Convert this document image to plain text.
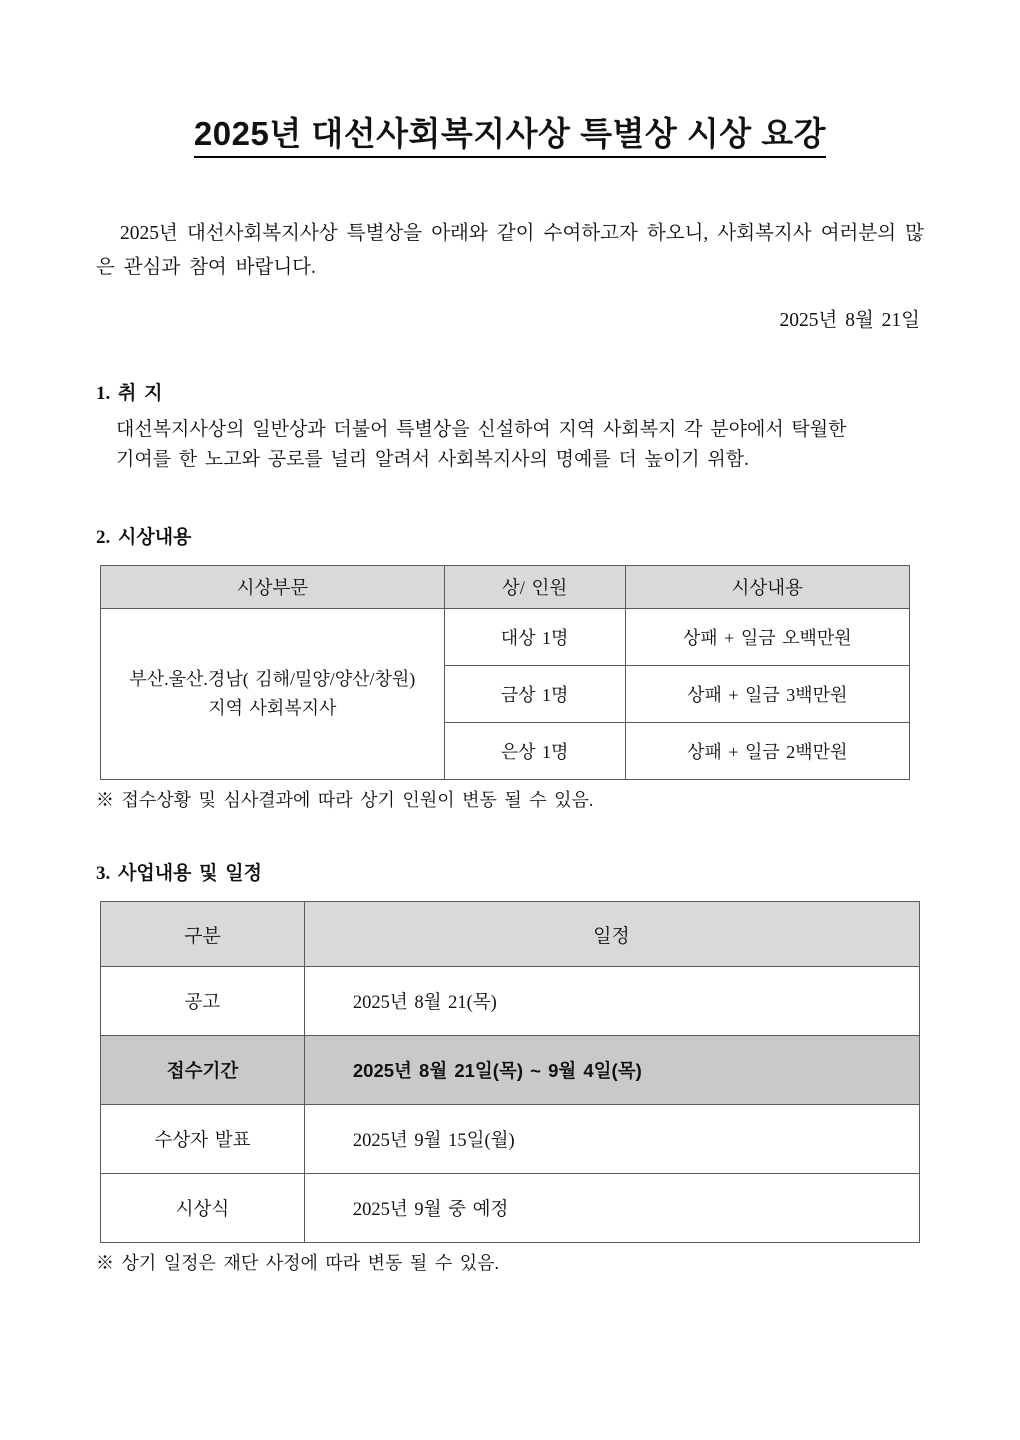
2025년 대선사회복지사상 특별상 시상 요강

2025년 대선사회복지사상 특별상을 아래와 같이 수여하고자 하오니, 사회복지사 여러분의 많은 관심과 참여 바랍니다.

2025년 8월 21일
1. 취 지
대선복지사상의 일반상과 더불어 특별상을 신설하여 지역 사회복지 각 분야에서 탁월한
기여를 한 노고와 공로를 널리 알려서 사회복지사의 명예를 더 높이기 위함.
2. 시상내용
시상부문	상/ 인원	시상내용

부산.울산.경남( 김해/밀양/양산/창원)
지역 사회복지사	대상 1명	상패 + 일금 오백만원
	금상 1명	상패 + 일금 3백만원
	은상 1명	상패 + 일금 2백만원
※ 접수상황 및 심사결과에 따라 상기 인원이 변동 될 수 있음.
3. 사업내용 및 일정
구분	일정
공고	2025년 8월 21(목)
접수기간	2025년 8월 21일(목) ~ 9월 4일(목)
수상자 발표	2025년 9월 15일(월)
시상식	2025년 9월 중 예정
※ 상기 일정은 재단 사정에 따라 변동 될 수 있음.
